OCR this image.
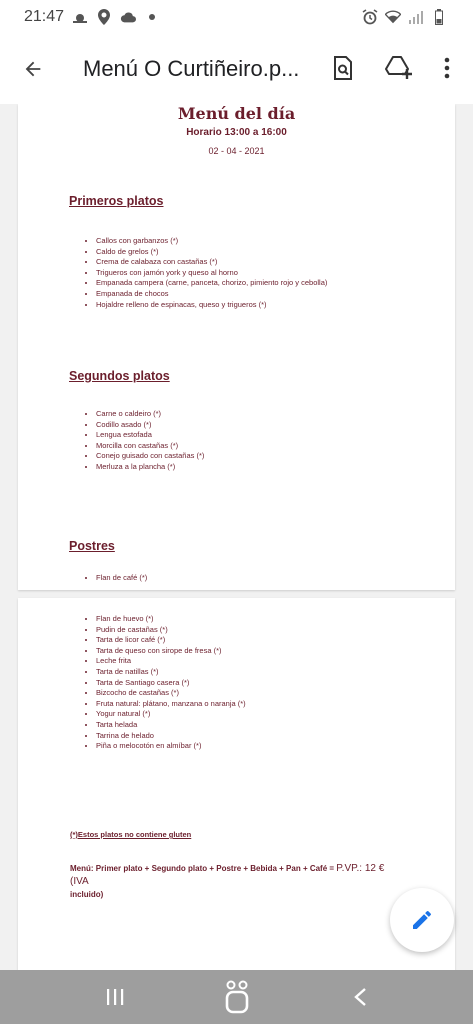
21:47
Menú O Curtiñeiro.p...
Menú del día
Horario 13:00 a 16:00
02 - 04 - 2021
Primeros platos
• Callos con garbanzos (*)
• Caldo de grelos (*)
• Crema de calabaza con castañas (*)
• Trigueros con jamón york y queso al horno
• Empanada campera (carne, panceta, chorizo, pimiento rojo y cebolla)
• Empanada de chocos
• Hojaldre relleno de espinacas, queso y trigueros (*)
Segundos platos
• Carne o caldeiro (*)
• Codillo asado (*)
• Lengua estofada
• Morcilla con castañas (*)
• Conejo guisado con castañas (*)
• Merluza a la plancha (*)
Postres
• Flan de café (*)
• Flan de huevo (*)
• Pudin de castañas (*)
• Tarta de licor café (*)
• Tarta de queso con sirope de fresa (*)
• Leche frita
• Tarta de natillas (*)
• Tarta de Santiago casera (*)
• Bizcocho de castañas (*)
• Fruta natural: plátano, manzana o naranja (*)
• Yogur natural (*)
• Tarta helada
• Tarrina de helado
• Piña o melocotón en almíbar (*)
(*)Estos platos no contiene gluten
Menú: Primer plato + Segundo plato + Postre + Bebida + Pan + Café = P.VP.: 12 € (IVA
incluido)
